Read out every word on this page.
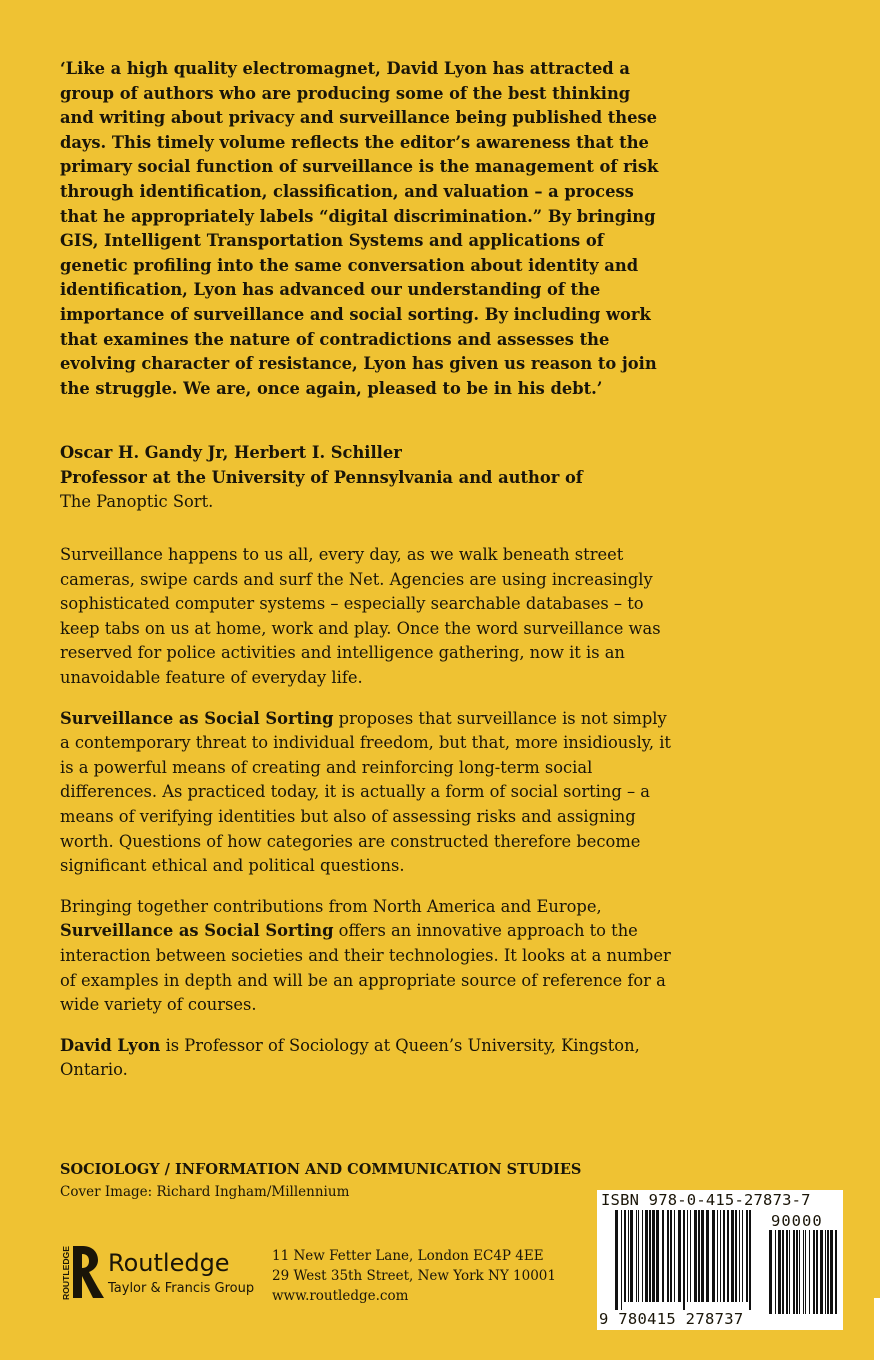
‘Like a high quality electromagnet, David Lyon has attracted a group of authors who are producing some of the best thinking and writing about privacy and surveillance being published these days. This timely volume reflects the editor’s awareness that the primary social function of surveillance is the management of risk through identification, classification, and valuation – a process that he appropriately labels “digital discrimination.” By bringing GIS, Intelligent Transportation Systems and applications of genetic profiling into the same conversation about identity and identification, Lyon has advanced our understanding of the importance of surveillance and social sorting. By including work that examines the nature of contradictions and assesses the evolving character of resistance, Lyon has given us reason to join the struggle. We are, once again, pleased to be in his debt.’

Oscar H. Gandy Jr, Herbert I. Schiller
Professor at the University of Pennsylvania and author of
The Panoptic Sort.

Surveillance happens to us all, every day, as we walk beneath street cameras, swipe cards and surf the Net. Agencies are using increasingly sophisticated computer systems – especially searchable databases – to keep tabs on us at home, work and play. Once the word surveillance was reserved for police activities and intelligence gathering, now it is an unavoidable feature of everyday life.

Surveillance as Social Sorting proposes that surveillance is not simply a contemporary threat to individual freedom, but that, more insidiously, it is a powerful means of creating and reinforcing long-term social differences. As practiced today, it is actually a form of social sorting – a means of verifying identities but also of assessing risks and assigning worth. Questions of how categories are constructed therefore become significant ethical and political questions.

Bringing together contributions from North America and Europe, Surveillance as Social Sorting offers an innovative approach to the interaction between societies and their technologies. It looks at a number of examples in depth and will be an appropriate source of reference for a wide variety of courses.

David Lyon is Professor of Sociology at Queen’s University, Kingston, Ontario.

SOCIOLOGY / INFORMATION AND COMMUNICATION STUDIES
Cover Image: Richard Ingham/Millennium
ROUTLEDGE Routledge
Taylor & Francis Group
11 New Fetter Lane, London EC4P 4EE
29 West 35th Street, New York NY 10001
www.routledge.com
ISBN 978-0-415-27873-7
90000
9 780415 278737
